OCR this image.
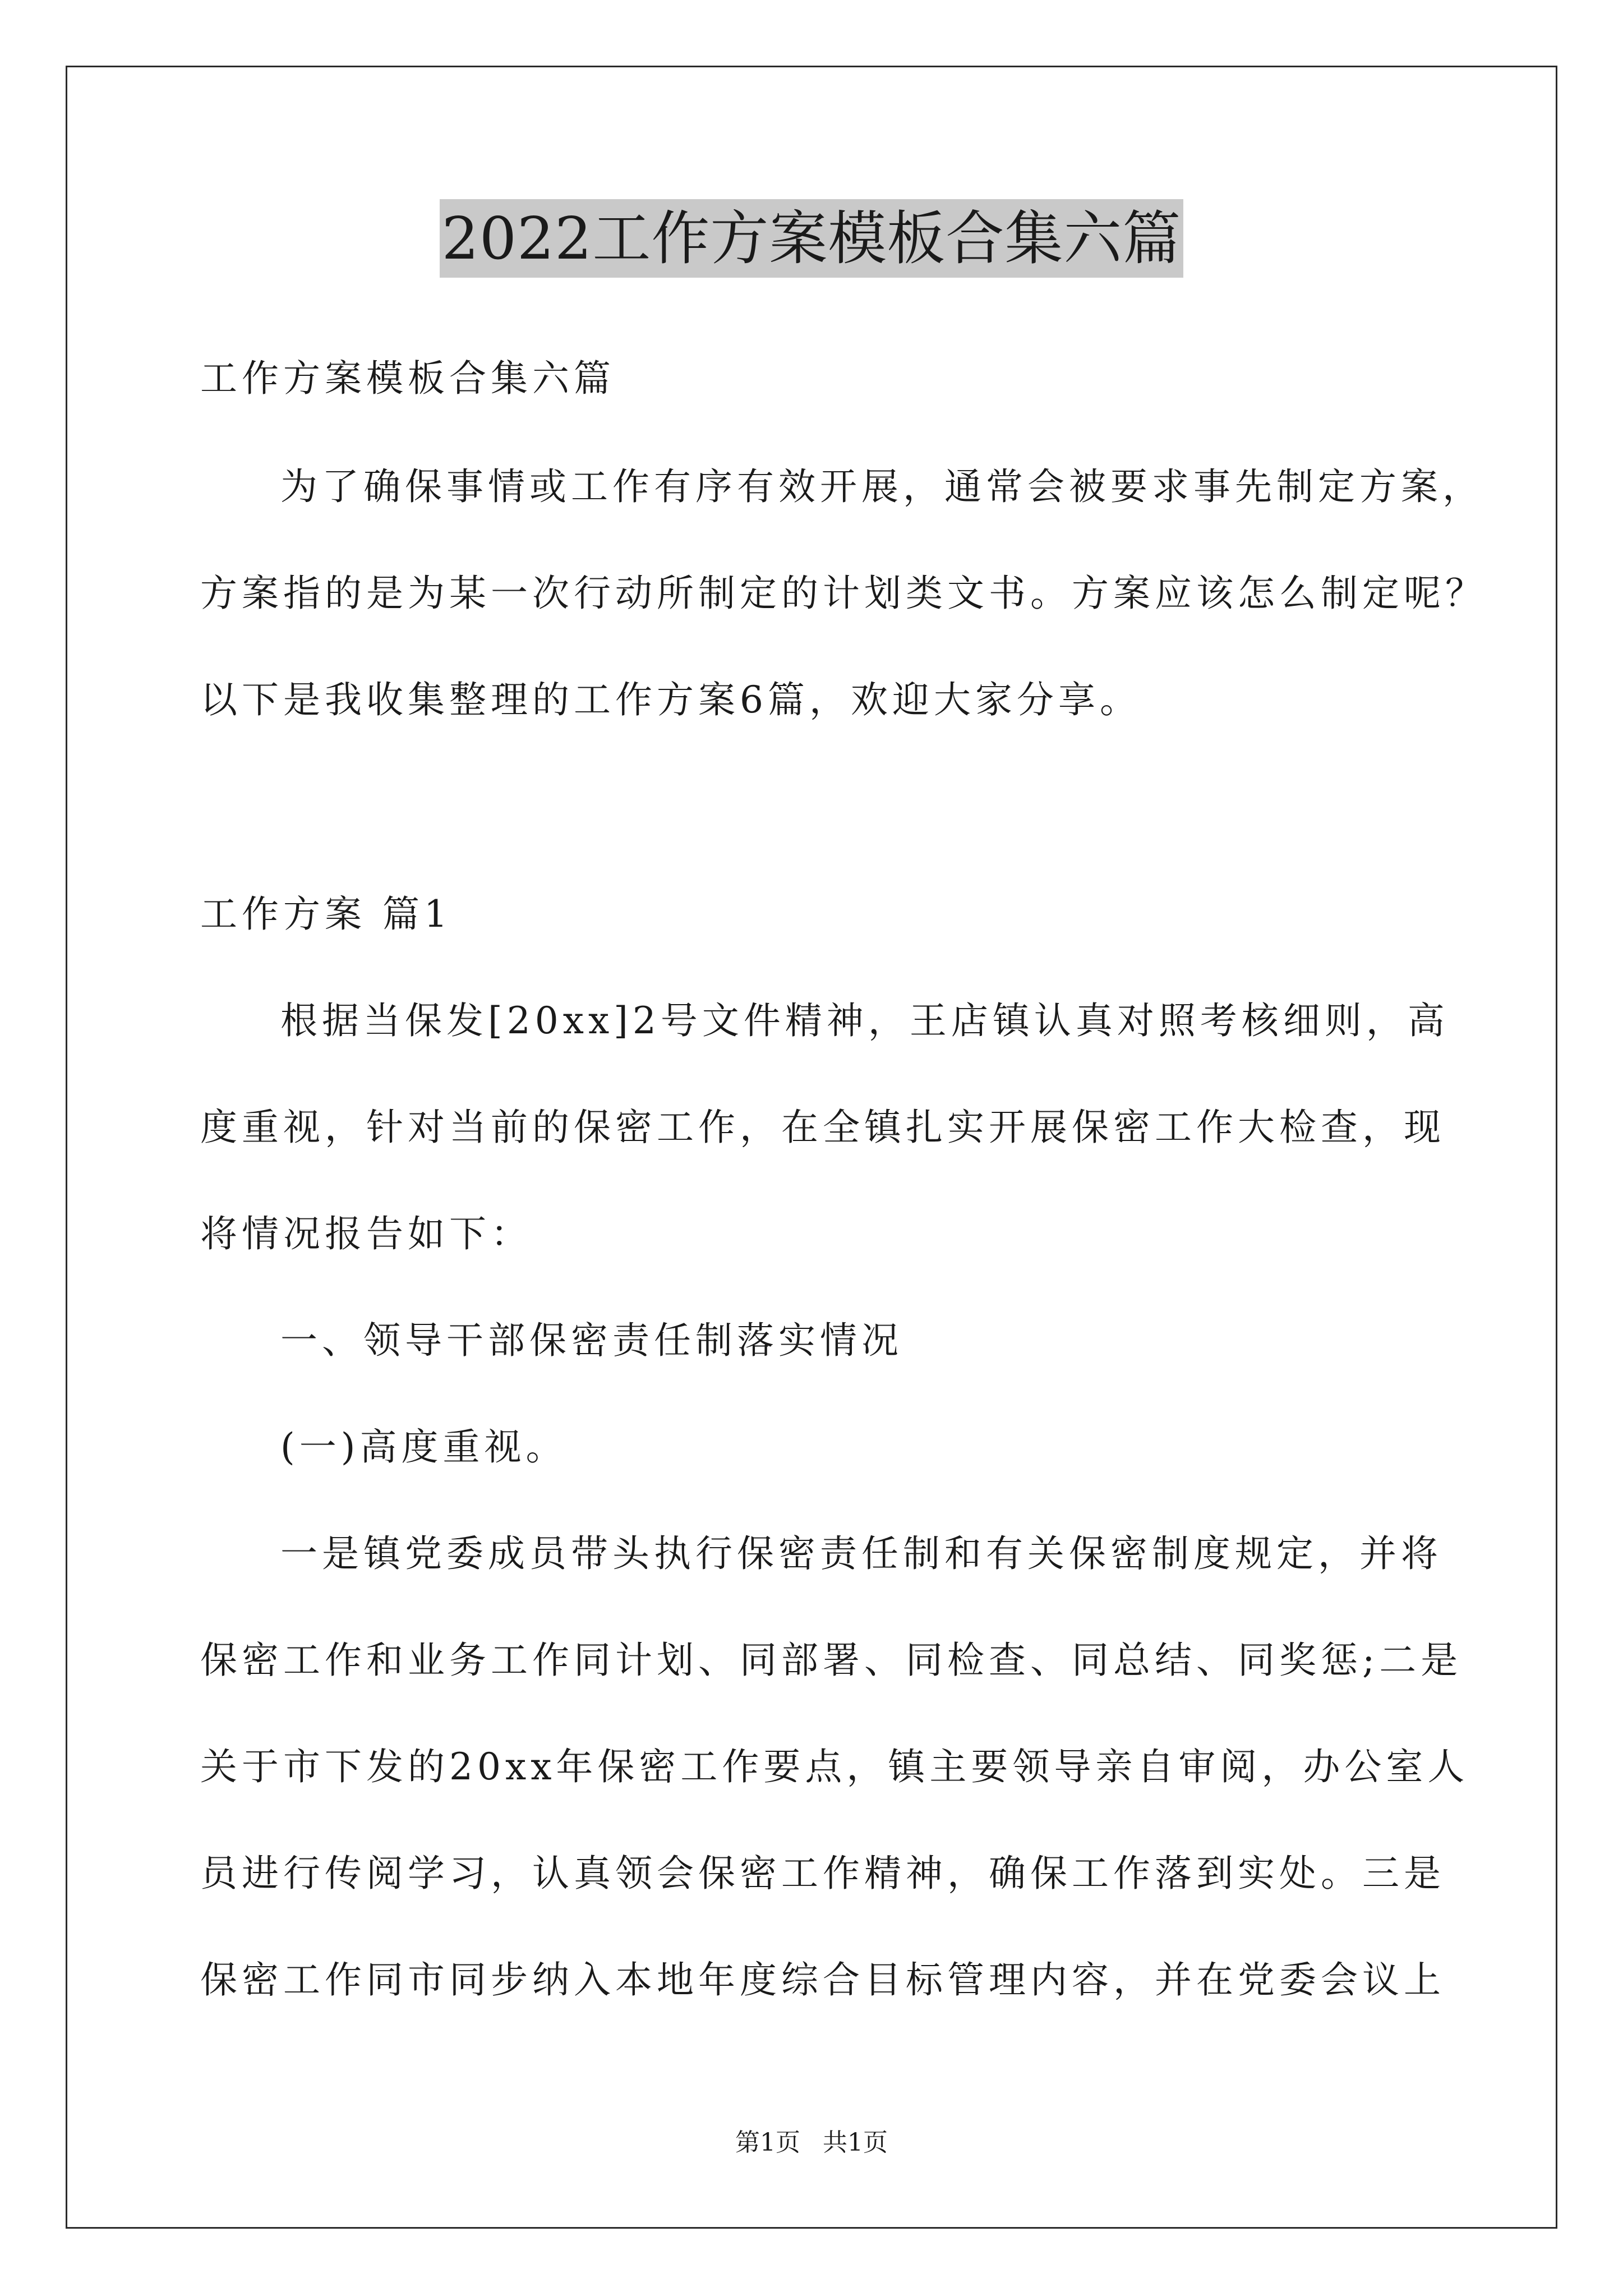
2022工作方案模板合集六篇
工作方案模板合集六篇
为了确保事情或工作有序有效开展，通常会被要求事先制定方案，
方案指的是为某一次行动所制定的计划类文书。方案应该怎么制定呢？
以下是我收集整理的工作方案6篇，欢迎大家分享。
工作方案 篇1
根据当保发[20xx]2号文件精神，王店镇认真对照考核细则，高
度重视，针对当前的保密工作，在全镇扎实开展保密工作大检查，现
将情况报告如下：
一、领导干部保密责任制落实情况
(一)高度重视。
一是镇党委成员带头执行保密责任制和有关保密制度规定，并将
保密工作和业务工作同计划、同部署、同检查、同总结、同奖惩;二是
关于市下发的20xx年保密工作要点，镇主要领导亲自审阅，办公室人
员进行传阅学习，认真领会保密工作精神，确保工作落到实处。三是
保密工作同市同步纳入本地年度综合目标管理内容，并在党委会议上
第1页 共1页
